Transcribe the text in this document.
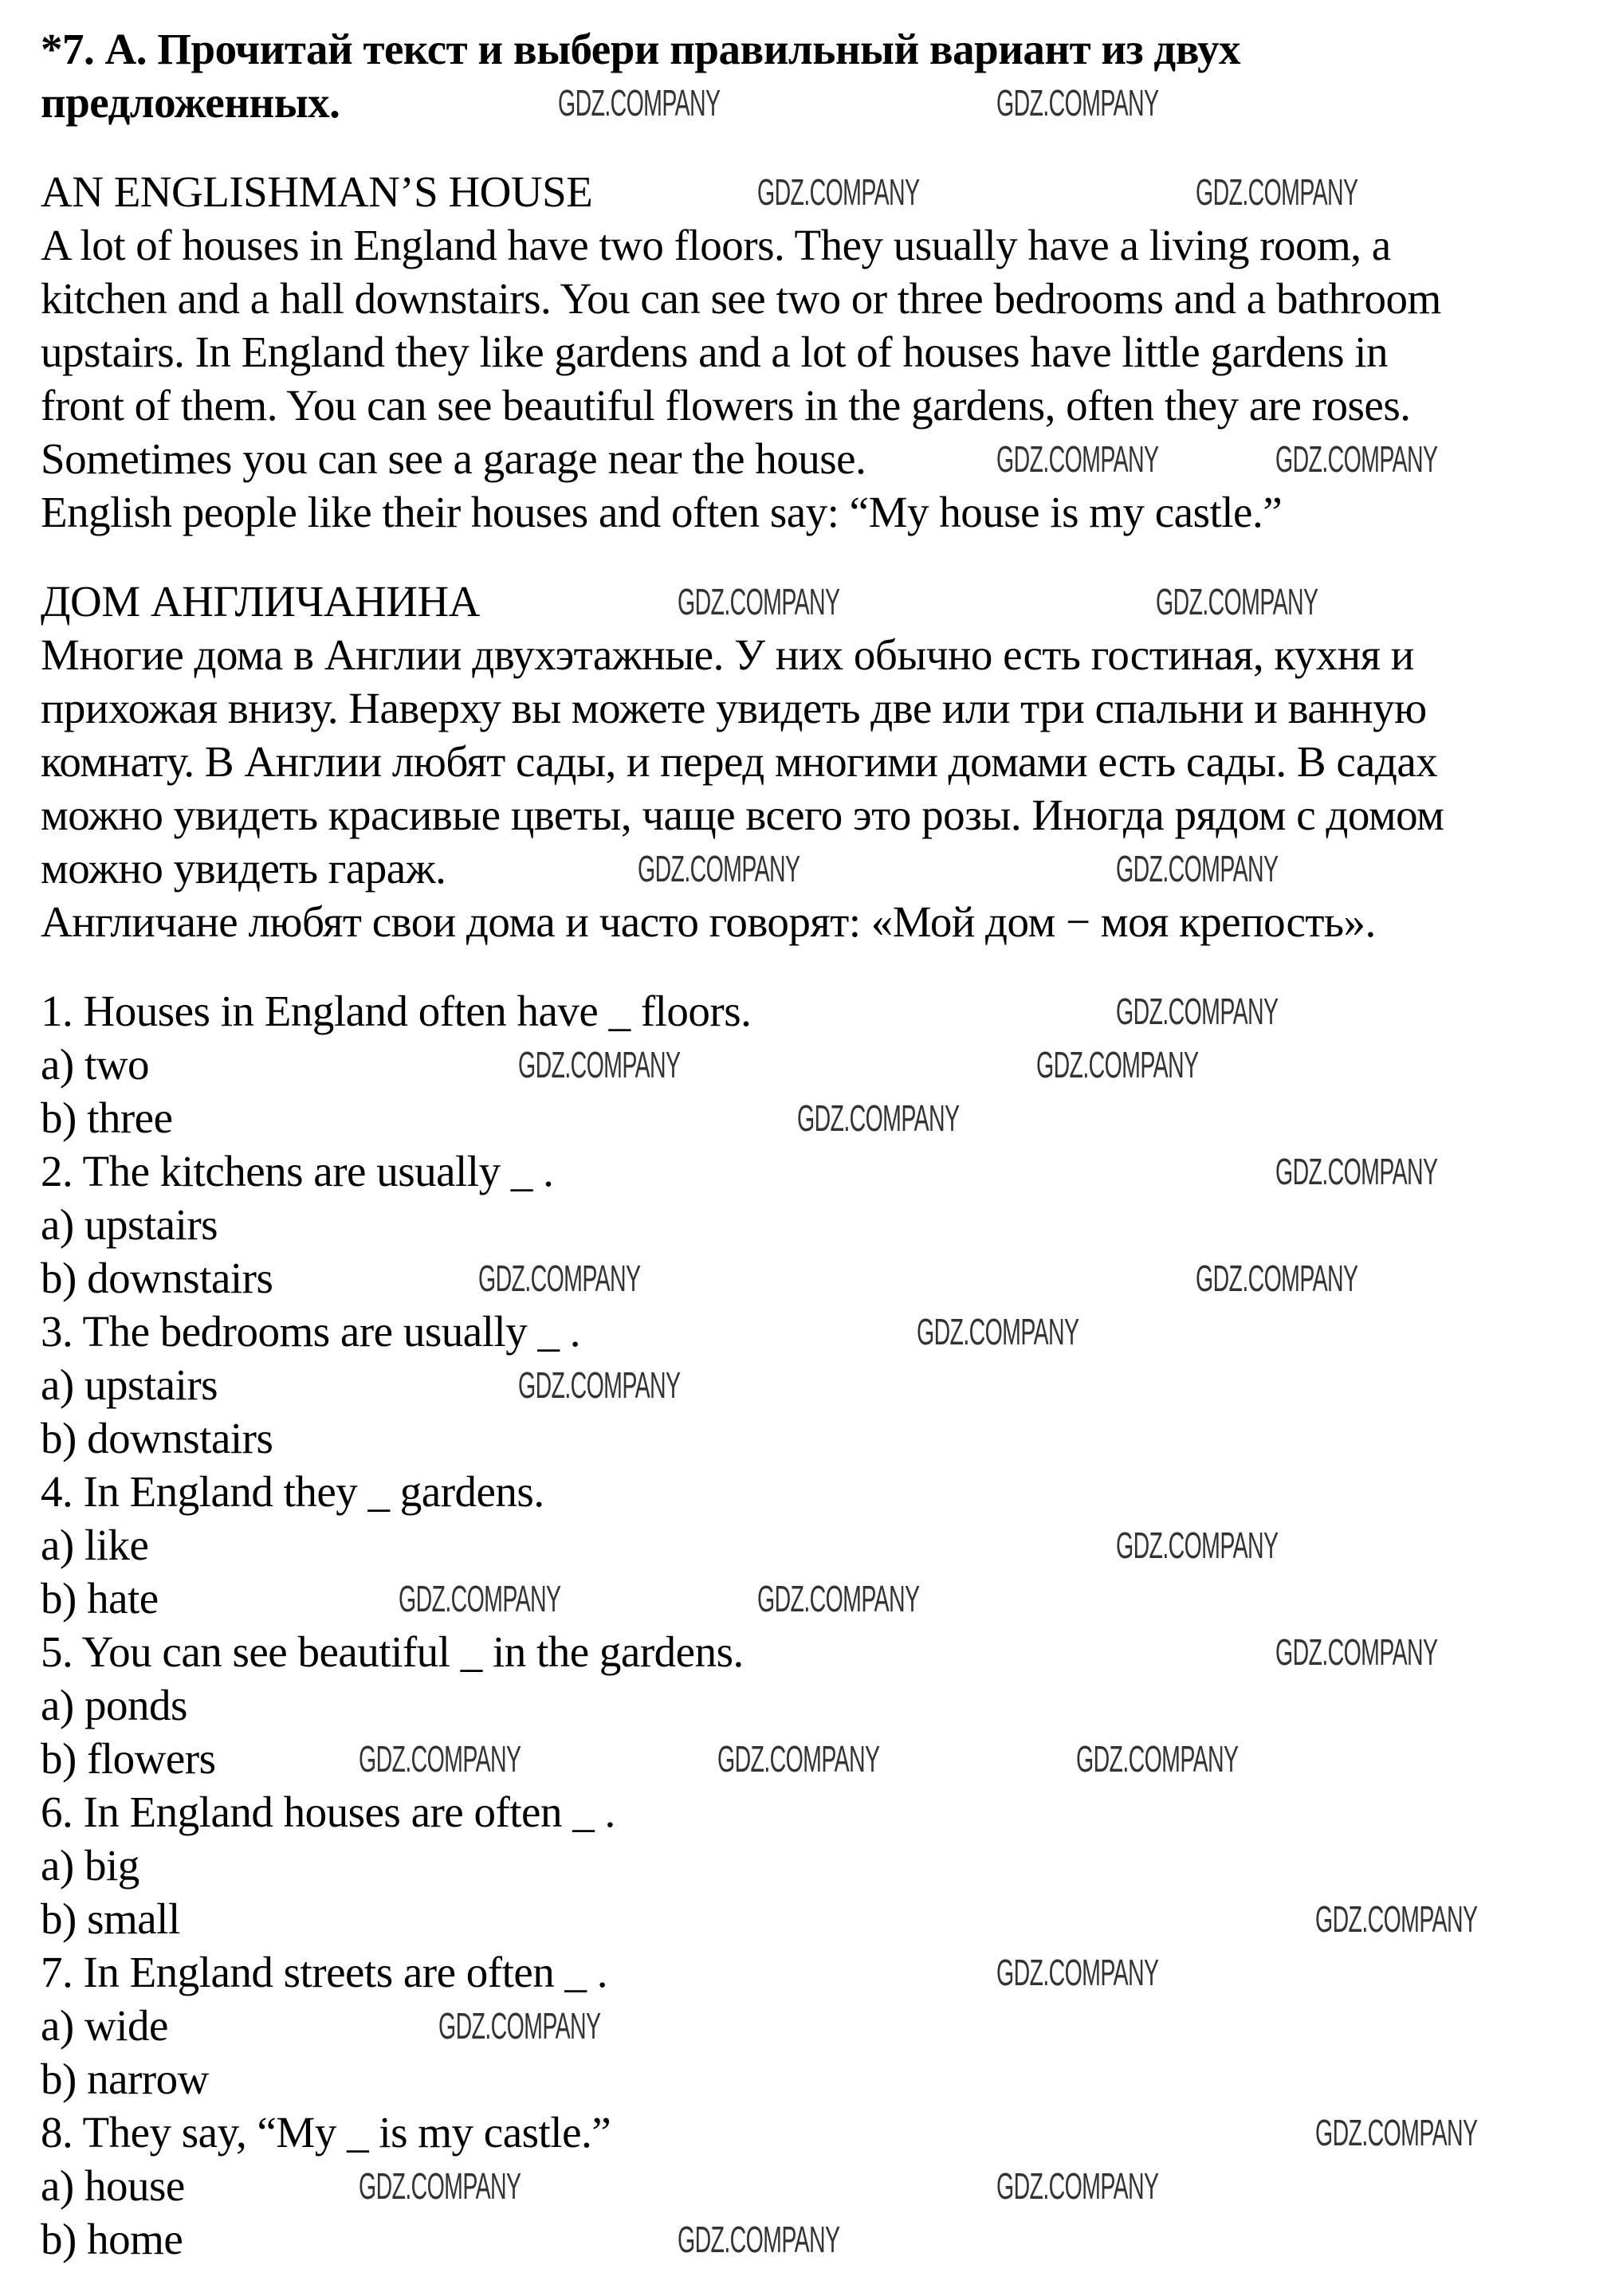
*7. А. Прочитай текст и выбери правильный вариант из двух
предложенных.
AN ENGLISHMAN’S HOUSE
A lot of houses in England have two floors. They usually have a living room, a
kitchen and a hall downstairs. You can see two or three bedrooms and a bathroom
upstairs. In England they like gardens and a lot of houses have little gardens in
front of them. You can see beautiful flowers in the gardens, often they are roses.
Sometimes you can see a garage near the house.
English people like their houses and often say: “My house is my castle.”
ДОМ АНГЛИЧАНИНА
Многие дома в Англии двухэтажные. У них обычно есть гостиная, кухня и
прихожая внизу. Наверху вы можете увидеть две или три спальни и ванную
комнату. В Англии любят сады, и перед многими домами есть сады. В садах
можно увидеть красивые цветы, чаще всего это розы. Иногда рядом с домом
можно увидеть гараж.
Англичане любят свои дома и часто говорят: «Мой дом − моя крепость».
1. Houses in England often have _ floors.
a) two
b) three
2. The kitchens are usually _ .
a) upstairs
b) downstairs
3. The bedrooms are usually _ .
a) upstairs
b) downstairs
4. In England they _ gardens.
a) like
b) hate
5. You can see beautiful _ in the gardens.
a) ponds
b) flowers
6. In England houses are often _ .
a) big
b) small
7. In England streets are often _ .
a) wide
b) narrow
8. They say, “My _ is my castle.”
a) house
b) home
GDZ.COMPANY	GDZ.COMPANY
GDZ.COMPANY	GDZ.COMPANY
GDZ.COMPANY	GDZ.COMPANY
GDZ.COMPANY	GDZ.COMPANY
GDZ.COMPANY	GDZ.COMPANY
GDZ.COMPANY
GDZ.COMPANY	GDZ.COMPANY
GDZ.COMPANY
GDZ.COMPANY
GDZ.COMPANY	GDZ.COMPANY
GDZ.COMPANY
GDZ.COMPANY
GDZ.COMPANY
GDZ.COMPANY	GDZ.COMPANY
GDZ.COMPANY
GDZ.COMPANY	GDZ.COMPANY	GDZ.COMPANY
GDZ.COMPANY
GDZ.COMPANY
GDZ.COMPANY
GDZ.COMPANY
GDZ.COMPANY
GDZ.COMPANY
GDZ.COMPANY
